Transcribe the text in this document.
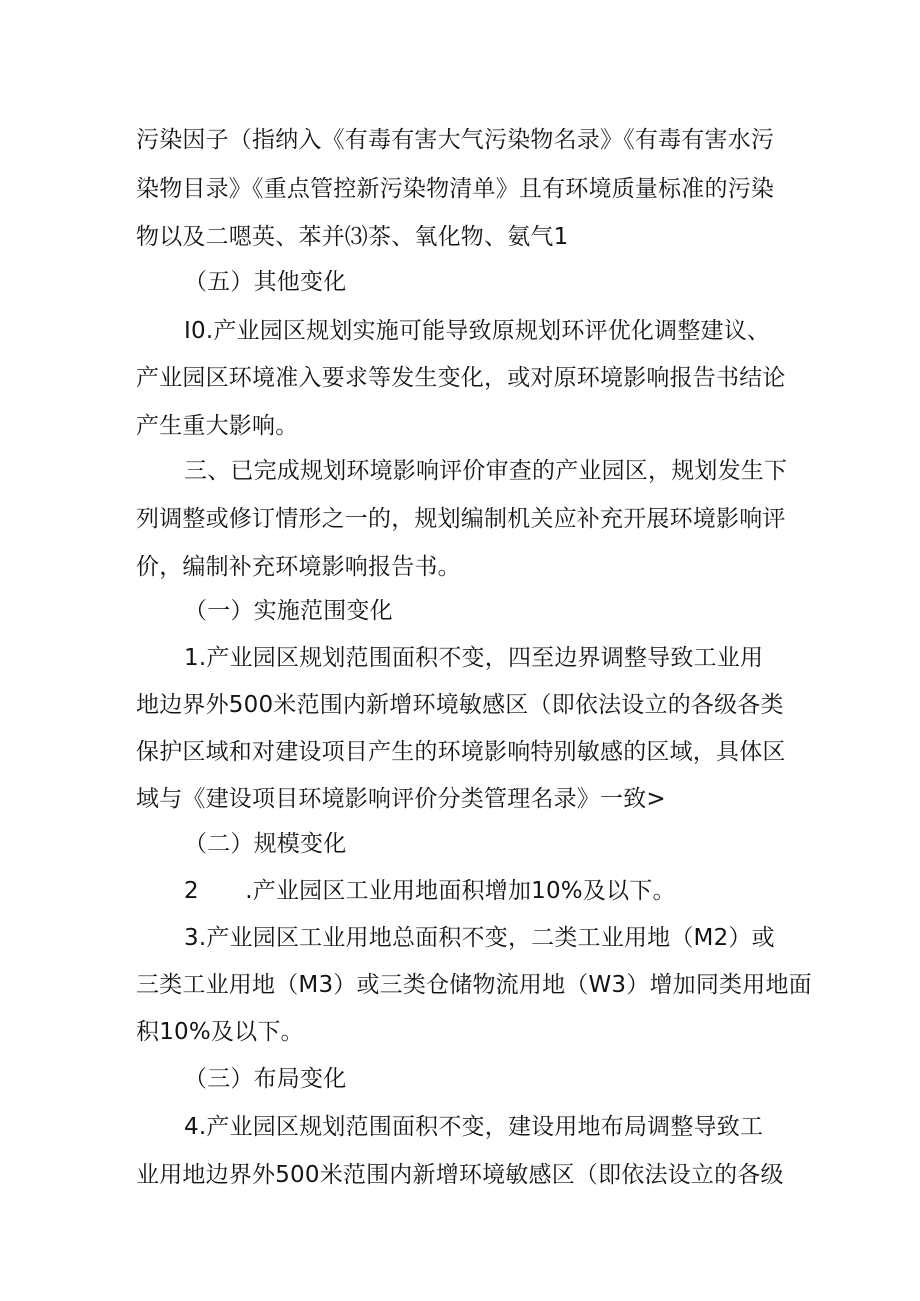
污染因子（指纳入《有毒有害大气污染物名录》《有毒有害水污
染物目录》《重点管控新污染物清单》且有环境质量标准的污染
物以及二嗯英、苯并⑶茶、氧化物、氨气1
（五）其他变化
I0.产业园区规划实施可能导致原规划环评优化调整建议、
产业园区环境准入要求等发生变化，或对原环境影响报告书结论
产生重大影响。
三、已完成规划环境影响评价审查的产业园区，规划发生下
列调整或修订情形之一的，规划编制机关应补充开展环境影响评
价，编制补充环境影响报告书。
（一）实施范围变化
1.产业园区规划范围面积不变，四至边界调整导致工业用
地边界外500米范围内新增环境敏感区（即依法设立的各级各类
保护区域和对建设项目产生的环境影响特别敏感的区域，具体区
域与《建设项目环境影响评价分类管理名录》一致>
（二）规模变化
2　　.产业园区工业用地面积增加10%及以下。
3.产业园区工业用地总面积不变，二类工业用地（M2）或
三类工业用地（M3）或三类仓储物流用地（W3）增加同类用地面
积10%及以下。
（三）布局变化
4.产业园区规划范围面积不变，建设用地布局调整导致工
业用地边界外500米范围内新增环境敏感区（即依法设立的各级
